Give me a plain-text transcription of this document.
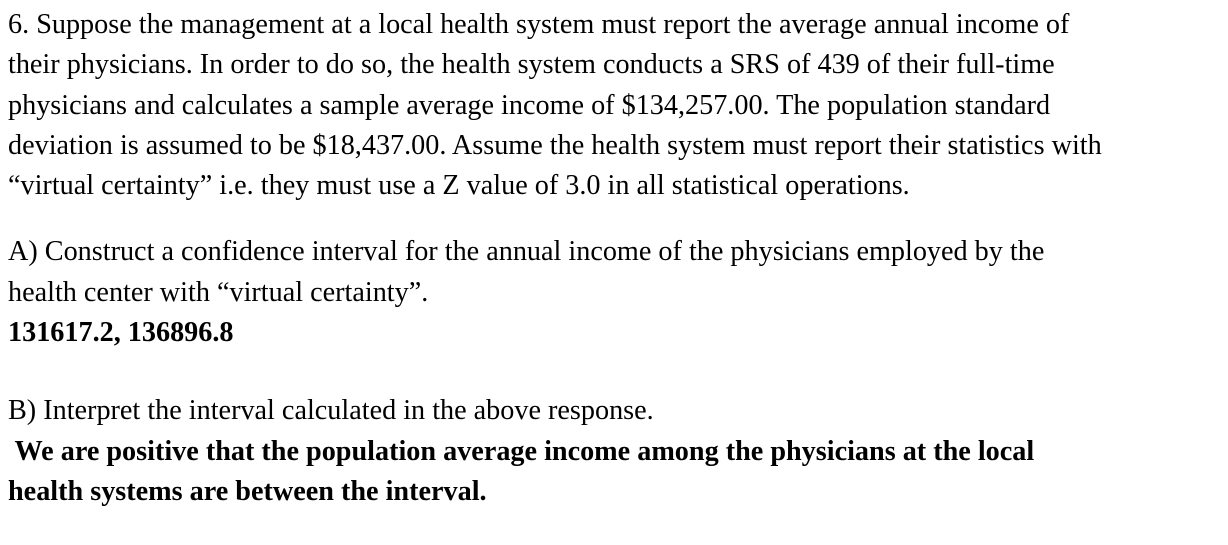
6. Suppose the management at a local health system must report the average annual income of
their physicians. In order to do so, the health system conducts a SRS of 439 of their full-time
physicians and calculates a sample average income of $134,257.00. The population standard
deviation is assumed to be $18,437.00. Assume the health system must report their statistics with
“virtual certainty” i.e. they must use a Z value of 3.0 in all statistical operations.
A) Construct a confidence interval for the annual income of the physicians employed by the
health center with “virtual certainty”.
131617.2, 136896.8
B) Interpret the interval calculated in the above response.
We are positive that the population average income among the physicians at the local
health systems are between the interval.
